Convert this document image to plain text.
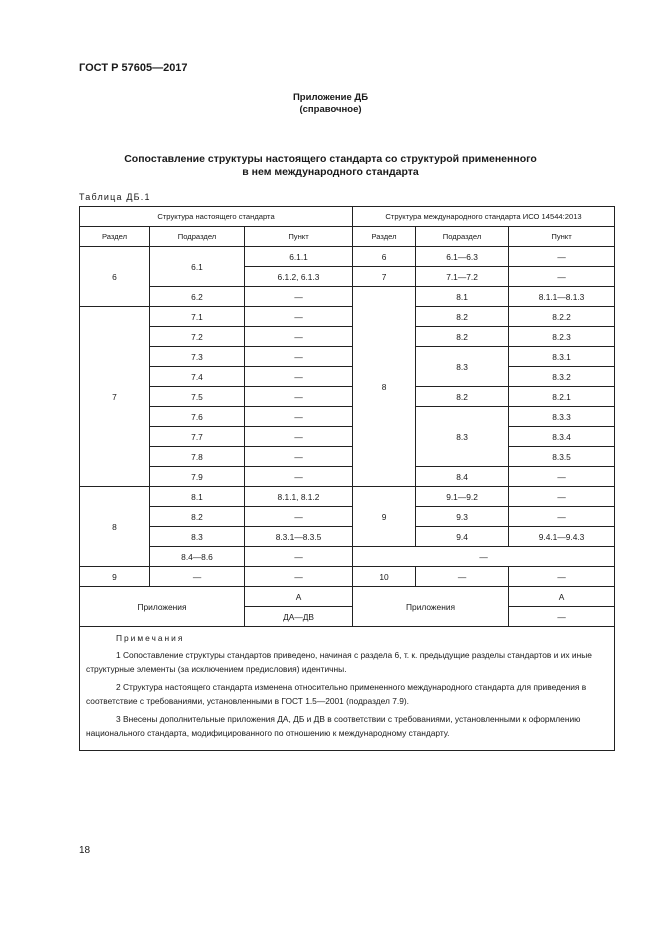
ГОСТ Р 57605—2017
Приложение ДБ
(справочное)
Сопоставление структуры настоящего стандарта со структурой примененного
в нем международного стандарта
Таблица ДБ.1
Структура настоящего стандарта			Структура международного стандарта ИСО 14544:2013		
Раздел	Подраздел	Пункт	Раздел	Подраздел	Пункт
6	6.1	6.1.1	6	6.1—6.3	—
		6.1.2, 6.1.3	7	7.1—7.2	—
	6.2	—	8	8.1	8.1.1—8.1.3
7	7.1	—		8.2	8.2.2
	7.2	—		8.2	8.2.3
	7.3	—		8.3	8.3.1
	7.4	—			8.3.2
	7.5	—		8.2	8.2.1
	7.6	—		8.3	8.3.3
	7.7	—			8.3.4
	7.8	—			8.3.5
	7.9	—		8.4	—
8	8.1	8.1.1, 8.1.2	9	9.1—9.2	—
	8.2	—		9.3	—
	8.3	8.3.1—8.3.5		9.4	9.4.1—9.4.3
	8.4—8.6	—	—		
9	—	—	10	—	—
Приложения		А	Приложения		А
		ДА—ДВ			—

Примечания
1 Сопоставление структуры стандартов приведено, начиная с раздела 6, т. к. предыдущие разделы стандартов и их иные структурные элементы (за исключением предисловия) идентичны.
2 Структура настоящего стандарта изменена относительно примененного международного стандарта для приведения в соответствие с требованиями, установленными в ГОСТ 1.5—2001 (подраздел 7.9).
3 Внесены дополнительные приложения ДА, ДБ и ДВ в соответствии с требованиями, установленными к оформлению национального стандарта, модифицированного по отношению к международному стандарту.					
18
